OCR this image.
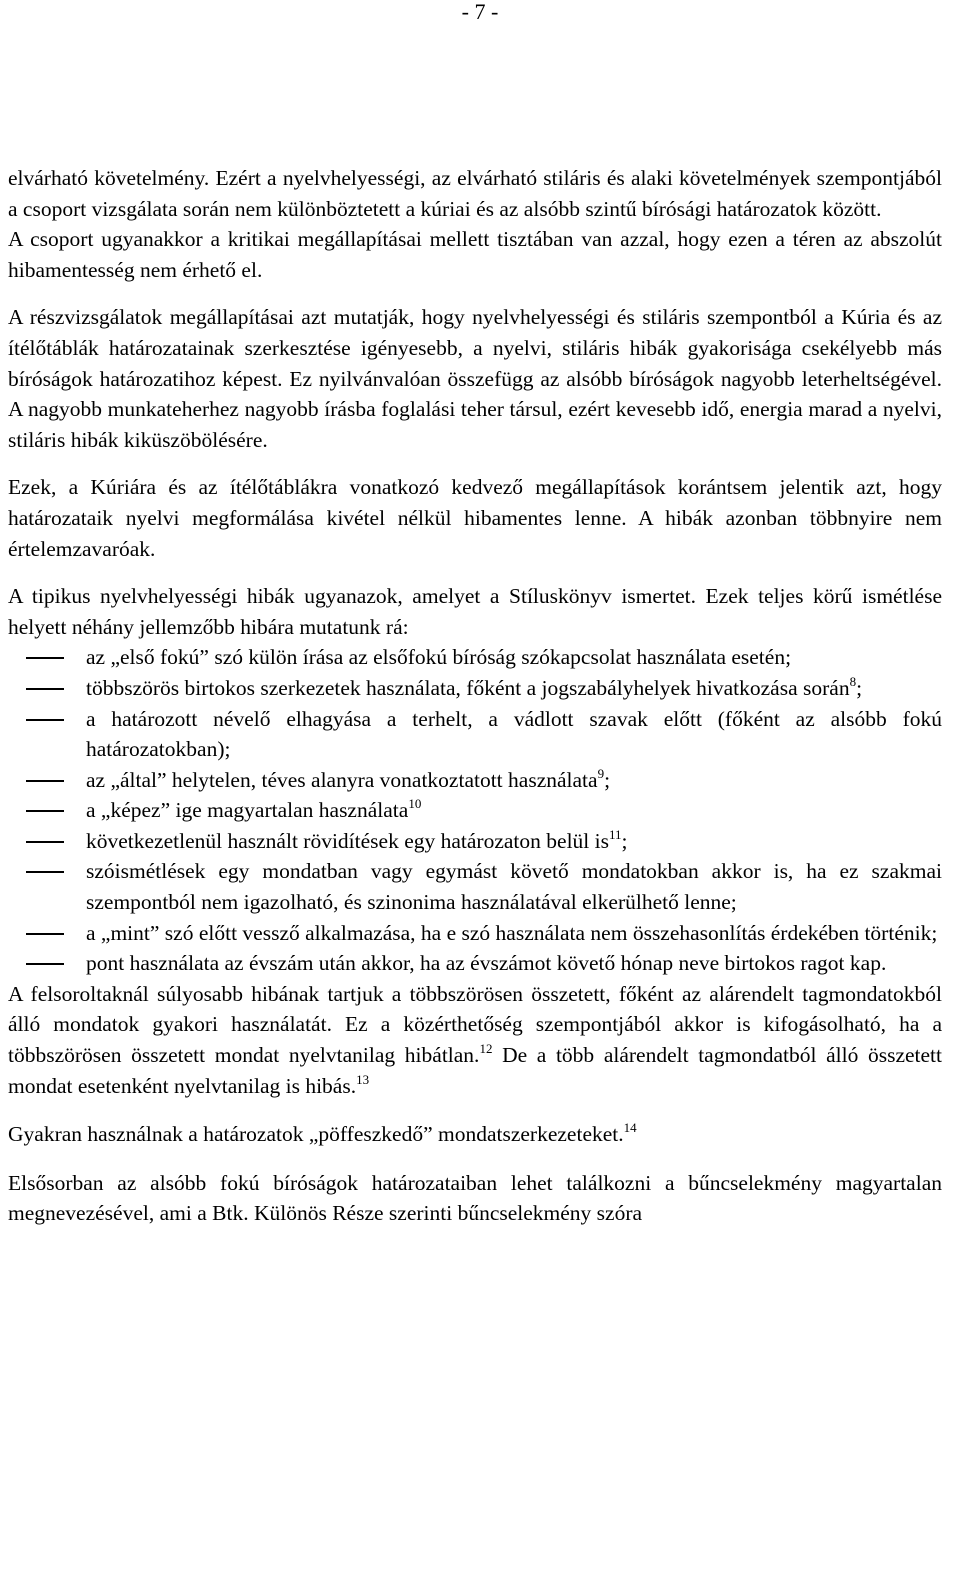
- 7 -

elvárható követelmény. Ezért a nyelvhelyességi, az elvárható stiláris és alaki követelmények szempontjából a csoport vizsgálata során nem különböztetett a kúriai és az alsóbb szintű bírósági határozatok között.

A csoport ugyanakkor a kritikai megállapításai mellett tisztában van azzal, hogy ezen a téren az abszolút hibamentesség nem érhető el.

A részvizsgálatok megállapításai azt mutatják, hogy nyelvhelyességi és stiláris szempontból a Kúria és az ítélőtáblák határozatainak szerkesztése igényesebb, a nyelvi, stiláris hibák gyakorisága csekélyebb más bíróságok határozatihoz képest. Ez nyilvánvalóan összefügg az alsóbb bíróságok nagyobb leterheltségével. A nagyobb munkateherhez nagyobb írásba foglalási teher társul, ezért kevesebb idő, energia marad a nyelvi, stiláris hibák kiküszöbölésére.

Ezek, a Kúriára és az ítélőtáblákra vonatkozó kedvező megállapítások korántsem jelentik azt, hogy határozataik nyelvi megformálása kivétel nélkül hibamentes lenne. A hibák azonban többnyire nem értelemzavaróak.

A tipikus nyelvhelyességi hibák ugyanazok, amelyet a Stíluskönyv ismertet. Ezek teljes körű ismétlése helyett néhány jellemzőbb hibára mutatunk rá:

az „első fokú” szó külön írása az elsőfokú bíróság szókapcsolat használata esetén;
többszörös birtokos szerkezetek használata, főként a jogszabályhelyek hivatkozása során$^8$;
a határozott névelő elhagyása a terhelt, a vádlott szavak előtt (főként az alsóbb fokú határozatokban);
az „által” helytelen, téves alanyra vonatkoztatott használata$^9$;
a „képez” ige magyartalan használata$^{10}$
következetlenül használt rövidítések egy határozaton belül $is^{11}$;
szóismétlések egy mondatban vagy egymást követő mondatokban akkor is, ha ez szakmai szempontból nem igazolható, és szinonima használatával elkerülhető lenne;
a „mint” szó előtt vessző alkalmazása, ha e szó használata nem összehasonlítás érdekében történik;
pont használata az évszám után akkor, ha az évszámot követő hónap neve birtokos ragot kap.

A felsoroltaknál súlyosabb hibának tartjuk a többszörösen összetett, főként az alárendelt tagmondatokból álló mondatok gyakori használatát. Ez a közérthetőség szempontjából akkor is kifogásolható, ha a többszörösen összetett mondat nyelvtanilag hibátlan.$^{12}$ De a több alárendelt tagmondatból álló összetett mondat esetenként nyelvtanilag is hibás.$^{13}$

Gyakran használnak a határozatok „pöffeszkedő” mondatszerkezeteket.$^{14}$

Elsősorban az alsóbb fokú bíróságok határozataiban lehet találkozni a bűncselekmény magyartalan megnevezésével, ami a Btk. Különös Része szerinti bűncselekmény szóra
